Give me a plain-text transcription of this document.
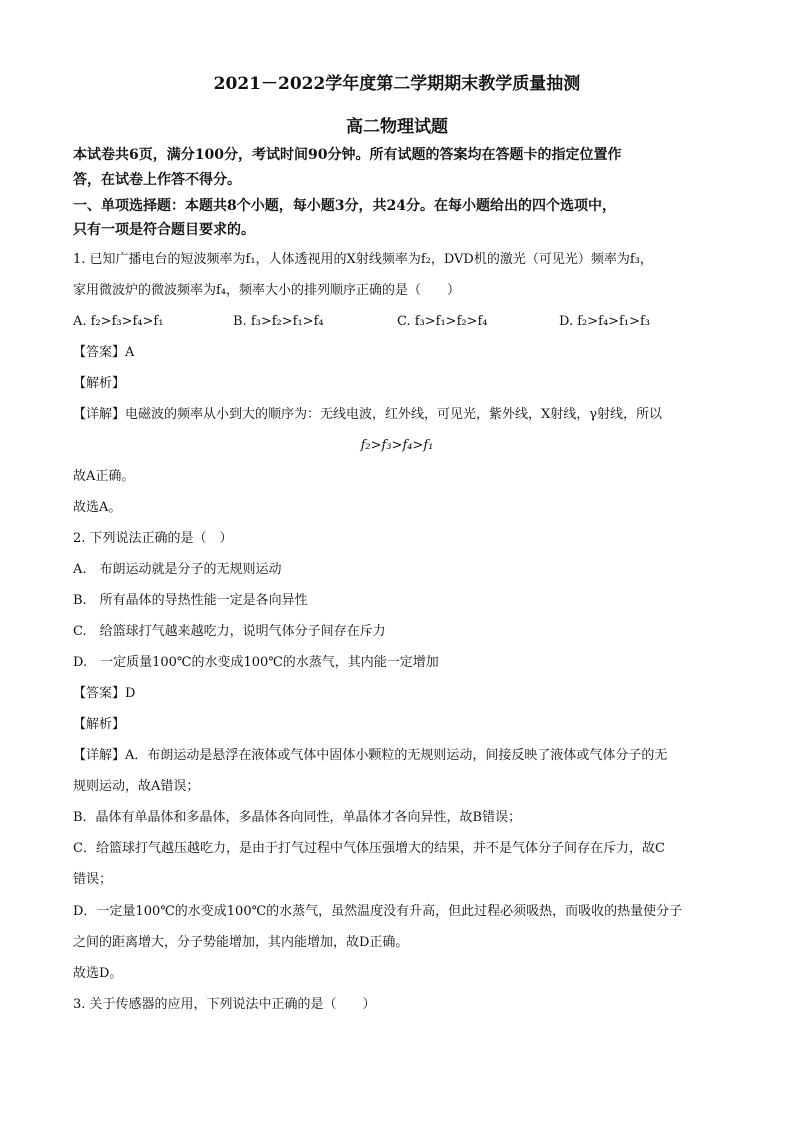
2021－2022学年度第二学期期末教学质量抽测
高二物理试题
本试卷共6页，满分100分，考试时间90分钟。所有试题的答案均在答题卡的指定位置作
答，在试卷上作答不得分。
一、单项选择题：本题共8个小题，每小题3分，共24分。在每小题给出的四个选项中，
只有一项是符合题目要求的。
1. 已知广播电台的短波频率为f₁，人体透视用的X射线频率为f₂，DVD机的激光（可见光）频率为f₃，
家用微波炉的微波频率为f₄，频率大小的排列顺序正确的是（　　）
A. f₂>f₃>f₄>f₁	B. f₃>f₂>f₁>f₄	C. f₃>f₁>f₂>f₄	D. f₂>f₄>f₁>f₃
【答案】A
【解析】
【详解】电磁波的频率从小到大的顺序为：无线电波，红外线，可见光，紫外线，X射线，γ射线，所以
f₂>f₃>f₄>f₁
故A正确。
故选A。
2. 下列说法正确的是（　）
A.　布朗运动就是分子的无规则运动
B.　所有晶体的导热性能一定是各向异性
C.　给篮球打气越来越吃力，说明气体分子间存在斥力
D.　一定质量100℃的水变成100℃的水蒸气，其内能一定增加
【答案】D
【解析】
【详解】A．布朗运动是悬浮在液体或气体中固体小颗粒的无规则运动，间接反映了液体或气体分子的无
规则运动，故A错误；
B．晶体有单晶体和多晶体，多晶体各向同性，单晶体才各向异性，故B错误；
C．给篮球打气越压越吃力，是由于打气过程中气体压强增大的结果，并不是气体分子间存在斥力，故C
错误；
D．一定量100℃的水变成100℃的水蒸气，虽然温度没有升高，但此过程必须吸热，而吸收的热量使分子
之间的距离增大，分子势能增加，其内能增加，故D正确。
故选D。
3. 关于传感器的应用，下列说法中正确的是（　　）
